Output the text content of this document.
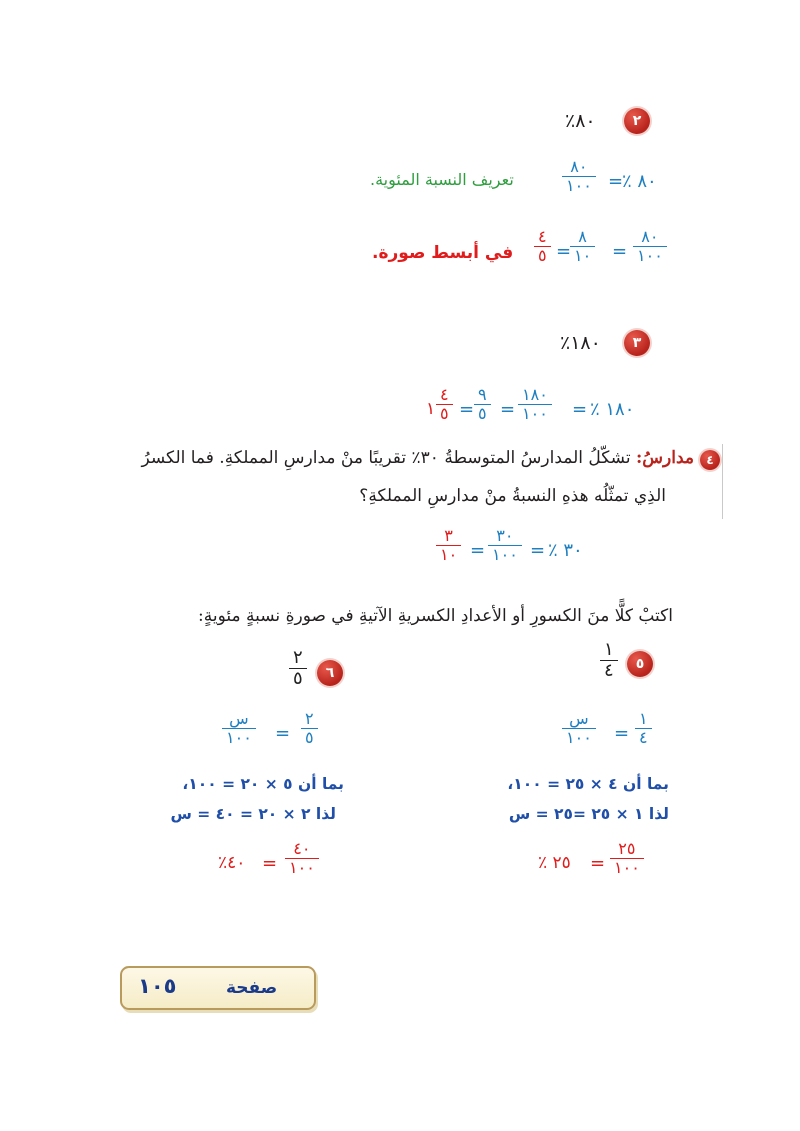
٢
٨٠٪
٨٠ ٪
=
٨٠
١٠٠
تعريف النسبة المئوية.
٨٠
١٠٠
=
٨
١٠
=
٤
٥
في أبسط صورة.
٣
١٨٠٪
٪ ١٨٠
=
١٨٠
١٠٠
=
٩
٥
=
٤
٥
١
٤
مدارسُ: تشكّلُ المدارسُ المتوسطةُ ٣٠٪ تقريبًا منْ مدارسِ المملكةِ. فما الكسرُ
الذِي تمثّلُه هذهِ النسبةُ منْ مدارسِ المملكةِ؟
٪ ٣٠
=
٣٠
١٠٠
=
٣
١٠
اكتبْ كلًّا منَ الكسورِ أو الأعدادِ الكسريةِ الآتيةِ في صورةِ نسبةٍ مئويةٍ:
٥
١
٤
١
٤
=
س
١٠٠
بما أن ٤ × ٢٥ = ١٠٠،
لذا ١ × ٢٥ =٢٥ = س
٢٥
١٠٠
=
٢٥ ٪
٦
٢
٥
٢
٥
=
س
١٠٠
بما أن ٥ × ٢٠ = ١٠٠،
لذا ٢ × ٢٠ = ٤٠ = س
٤٠
١٠٠
=
٤٠٪
صفحة
١٠٥
